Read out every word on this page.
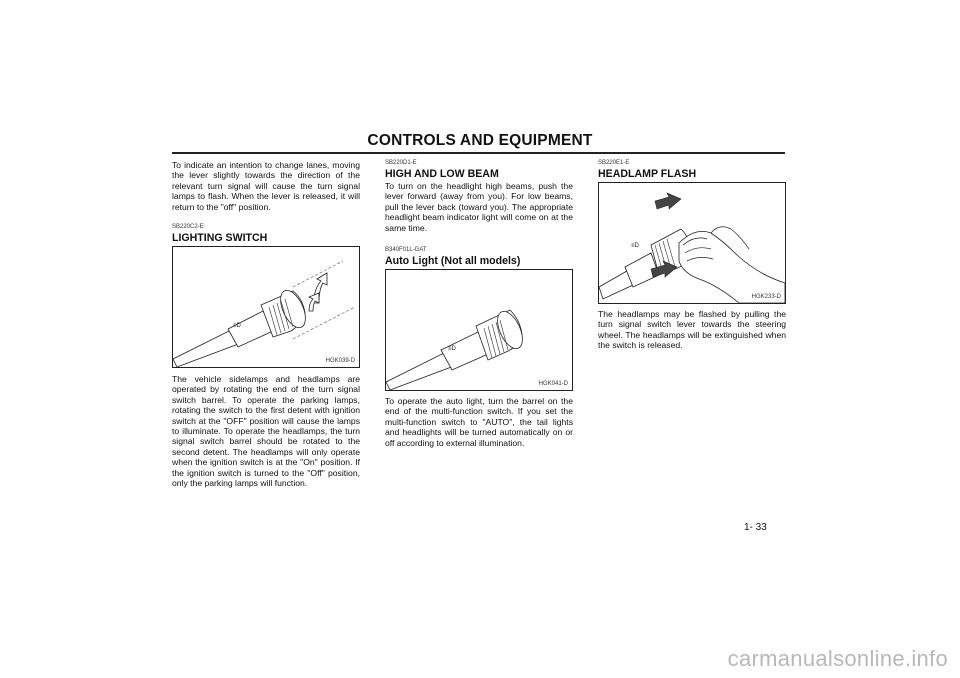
CONTROLS AND EQUIPMENT
To indicate an intention to change lanes, moving the lever slightly towards the direction of the relevant turn signal will cause the turn signal lamps to flash. When the lever is released, it will return to the "off" position.
SB220C2-E
LIGHTING SWITCH
≡D
HGK039-D
The vehicle sidelamps and headlamps are operated by rotating the end of the turn signal switch barrel. To operate the parking lamps, rotating the switch to the first detent with ignition switch at the "OFF" position will cause the lamps to illuminate. To operate the headlamps, the turn signal switch barrel should be rotated to the second detent. The headlamps will only operate when the ignition switch is at the "On" position. If the ignition switch is turned to the "Off" position, only the parking lamps will function.
SB220D1-E
HIGH AND LOW BEAM
To turn on the headlight high beams, push the lever forward (away from you). For low beams, pull the lever back (toward you). The appropriate headlight beam indicator light will come on at the same time.
B340F01L-GAT
Auto Light (Not all models)
≡D
HGK041-D
To operate the auto light, turn the barrel on the end of the multi-function switch. If you set the multi-function switch to "AUTO", the tail lights and headlights will be turned automatically on or off according to external illumination.
SB220E1-E
HEADLAMP FLASH
≡D
HGK233-D
The headlamps may be flashed by pulling the turn signal switch lever towards the steering wheel. The headlamps will be extinguished when the switch is released.
1- 33
carmanualsonline.info
